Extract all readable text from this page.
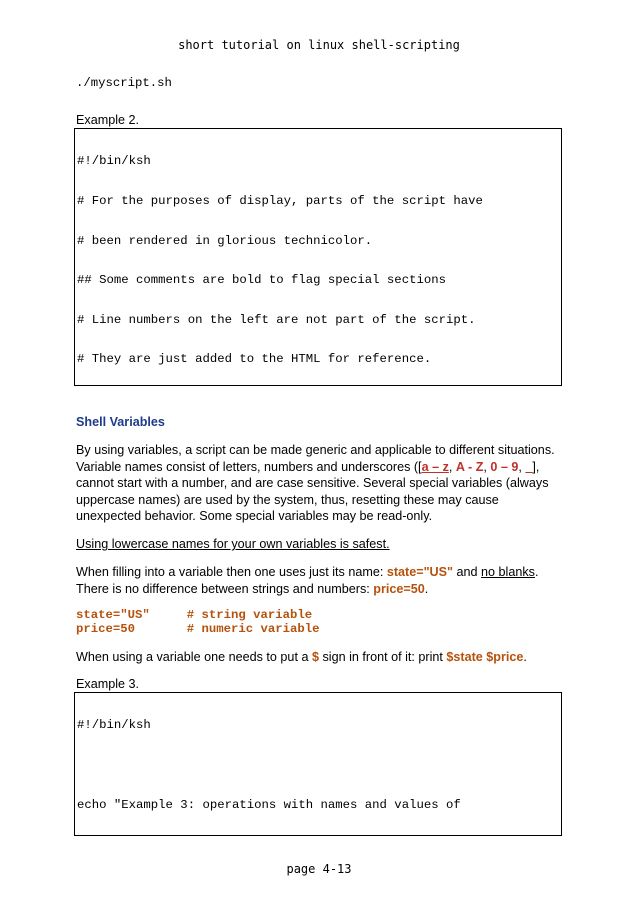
short tutorial on linux shell-scripting
./myscript.sh
Example 2.

#!/bin/ksh

# For the purposes of display, parts of the script have

# been rendered in glorious technicolor.

## Some comments are bold to flag special sections

# Line numbers on the left are not part of the script.

# They are just added to the HTML for reference.

Shell Variables
By using variables, a script can be made generic and applicable to different situations. Variable names consist of letters, numbers and underscores ([a – z, A - Z, 0 – 9, _], cannot start with a number, and are case sensitive. Several special variables (always uppercase names) are used by the system, thus, resetting these may cause unexpected behavior. Some special variables may be read-only.
Using lowercase names for your own variables is safest.
When filling into a variable then one uses just its name: state="US" and no blanks.
There is no difference between strings and numbers: price=50.
state="US"     # string variable
price=50       # numeric variable
When using a variable one needs to put a $ sign in front of it: print $state $price.
Example 3.

#!/bin/ksh

echo "Example 3: operations with names and values of

page 4-13
